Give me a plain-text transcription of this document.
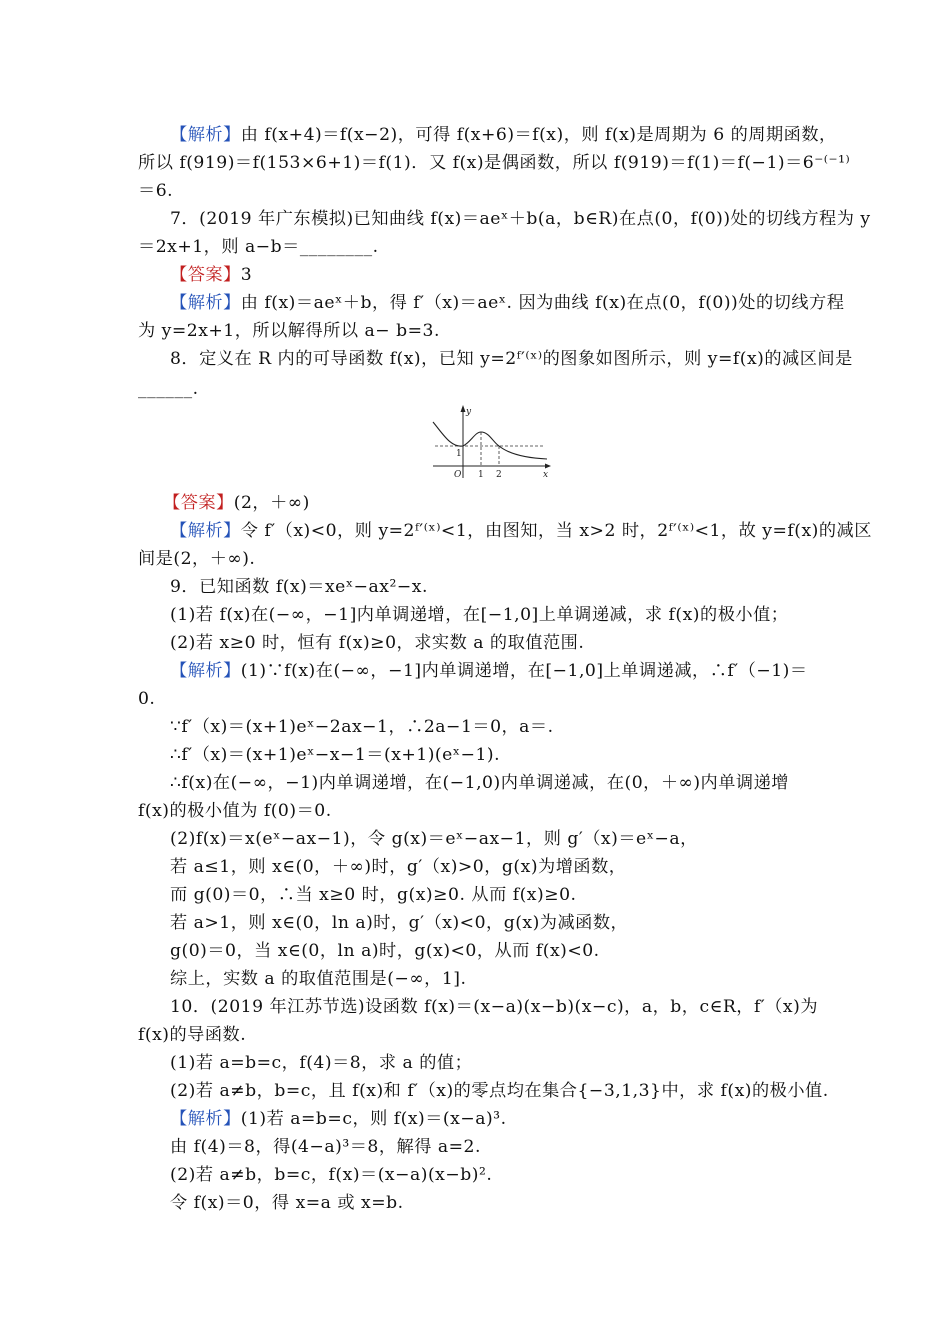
【解析】由 f(x+4)＝f(x−2)，可得 f(x+6)＝f(x)，则 f(x)是周期为 6 的周期函数，
所以 f(919)＝f(153×6+1)＝f(1)．又 f(x)是偶函数，所以 f(919)＝f(1)＝f(−1)＝6⁻⁽⁻¹⁾
＝6.
7．(2019 年广东模拟)已知曲线 f(x)＝aeˣ＋b(a，b∈R)在点(0，f(0))处的切线方程为 y
＝2x+1，则 a−b＝________.
【答案】3
【解析】由 f(x)＝aeˣ＋b，得 f′（x)＝aeˣ. 因为曲线 f(x)在点(0，f(0))处的切线方程
为 y=2x+1，所以解得所以 a− b=3.
8．定义在 R 内的可导函数 f(x)，已知 y=2ᶠ′⁽ˣ⁾的图象如图所示，则 y=f(x)的减区间是
______.
【答案】(2，＋∞)
【解析】令 f′（x)<0，则 y=2ᶠ′⁽ˣ⁾<1，由图知，当 x>2 时，2ᶠ′⁽ˣ⁾<1，故 y=f(x)的减区
间是(2，＋∞).
9．已知函数 f(x)＝xeˣ−ax²−x.
(1)若 f(x)在(−∞，−1]内单调递增，在[−1,0]上单调递减，求 f(x)的极小值；
(2)若 x≥0 时，恒有 f(x)≥0，求实数 a 的取值范围.
【解析】(1)∵f(x)在(−∞，−1]内单调递增，在[−1,0]上单调递减，∴f′（−1)＝
0.
∵f′（x)＝(x+1)eˣ−2ax−1，∴2a−1＝0，a＝.
∴f′（x)＝(x+1)eˣ−x−1＝(x+1)(eˣ−1).
∴f(x)在(−∞，−1)内单调递增，在(−1,0)内单调递减，在(0，＋∞)内单调递增
f(x)的极小值为 f(0)＝0.
(2)f(x)＝x(eˣ−ax−1)，令 g(x)＝eˣ−ax−1，则 g′（x)＝eˣ−a，
若 a≤1，则 x∈(0，＋∞)时，g′（x)>0，g(x)为增函数，
而 g(0)＝0，∴当 x≥0 时，g(x)≥0. 从而 f(x)≥0.
若 a>1，则 x∈(0，ln a)时，g′（x)<0，g(x)为减函数，
g(0)＝0，当 x∈(0，ln a)时，g(x)<0，从而 f(x)<0.
综上，实数 a 的取值范围是(−∞，1].
10．(2019 年江苏节选)设函数 f(x)＝(x−a)(x−b)(x−c)，a，b，c∈R，f′（x)为
f(x)的导函数.
(1)若 a=b=c，f(4)＝8，求 a 的值；
(2)若 a≠b，b=c，且 f(x)和 f′（x)的零点均在集合{−3,1,3}中，求 f(x)的极小值.
【解析】(1)若 a=b=c，则 f(x)＝(x−a)³.
由 f(4)＝8，得(4−a)³＝8，解得 a=2.
(2)若 a≠b，b=c，f(x)＝(x−a)(x−b)².
令 f(x)＝0，得 x=a 或 x=b.
y
x
O
1
1 2
